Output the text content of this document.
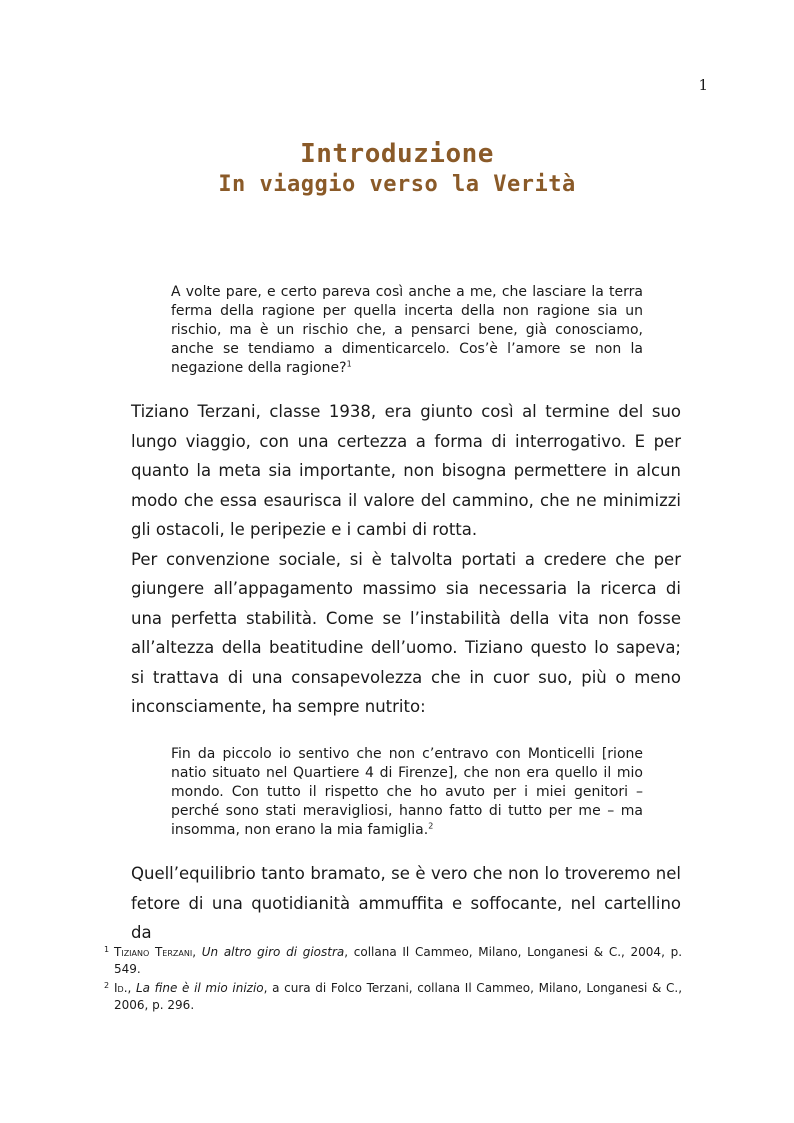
1
Introduzione
In viaggio verso la Verità
A volte pare, e certo pareva così anche a me, che lasciare la terra ferma della ragione per quella incerta della non ragione sia un rischio, ma è un rischio che, a pensarci bene, già conosciamo, anche se tendiamo a dimenticarcelo. Cos’è l’amore se non la negazione della ragione?$^1$

Tiziano Terzani, classe 1938, era giunto così al termine del suo lungo viaggio, con una certezza a forma di interrogativo. E per quanto la meta sia importante, non bisogna permettere in alcun modo che essa esaurisca il valore del cammino, che ne minimizzi gli ostacoli, le peripezie e i cambi di rotta.

Per convenzione sociale, si è talvolta portati a credere che per giungere all’appagamento massimo sia necessaria la ricerca di una perfetta stabilità. Come se l’instabilità della vita non fosse all’altezza della beatitudine dell’uomo. Tiziano questo lo sapeva; si trattava di una consapevolezza che in cuor suo, più o meno inconsciamente, ha sempre nutrito:

Fin da piccolo io sentivo che non c’entravo con Monticelli [rione natio situato nel Quartiere 4 di Firenze], che non era quello il mio mondo. Con tutto il rispetto che ho avuto per i miei genitori – perché sono stati meravigliosi, hanno fatto di tutto per me – ma insomma, non erano la mia famiglia.$^2$

Quell’equilibrio tanto bramato, se è vero che non lo troveremo nel fetore di una quotidianità ammuffita e soffocante, nel cartellino da

1 Tiziano Terzani, Un altro giro di giostra, collana Il Cammeo, Milano, Longanesi & C., 2004, p. 549.
2 Id., La fine è il mio inizio, a cura di Folco Terzani, collana Il Cammeo, Milano, Longanesi & C., 2006, p. 296.
